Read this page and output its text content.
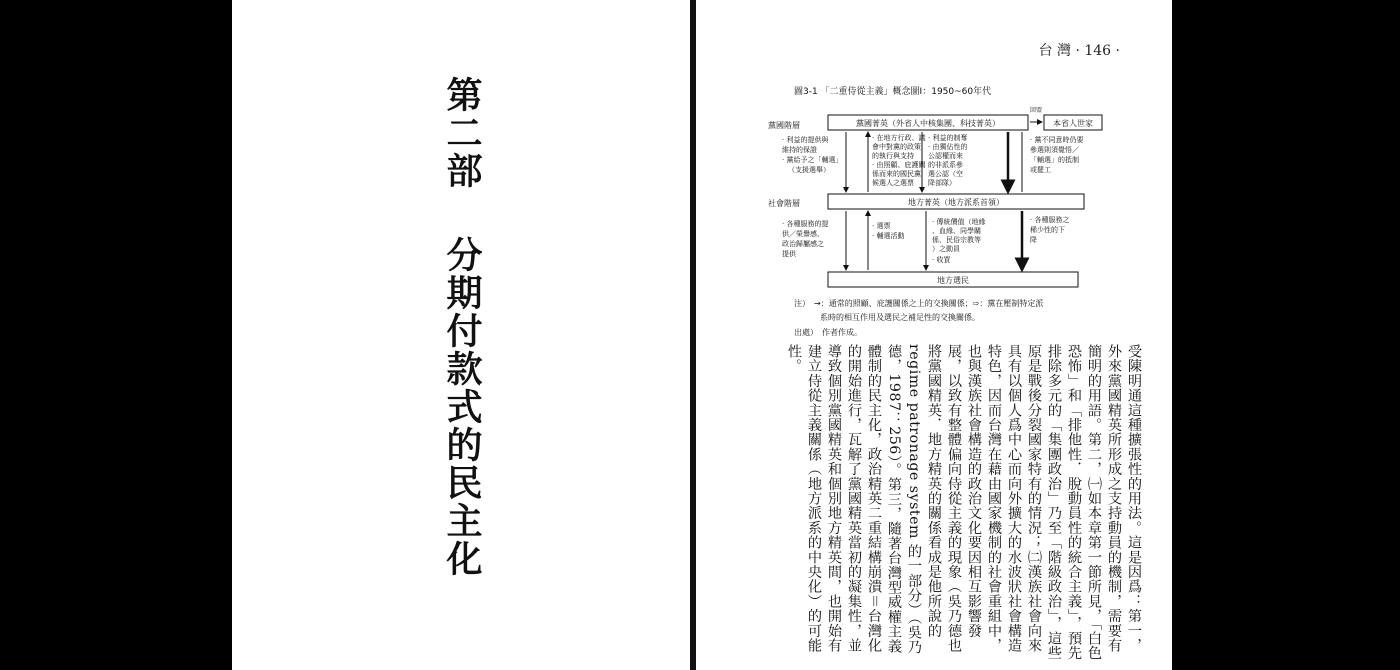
第二部
分期付款式的民主化
台 灣 · 146 ·
圖3-1 「二重侍從主義」概念圖Ⅰ：1950~60年代
黨國階層
社會階層
黨國菁英（外省人中核集團、科技菁英）	本省人世家
回盟
地方菁英（地方派系首領）
地方選民
· 利益的提供與 維持的保證 · 黨給予之「輔選」 （支援選舉）
· 在地方行政、議 會中對黨的政策 的執行與支持 · 由照顧、庇護關 係而來的國民黨 候選人之選票
· 利益的制奪 · 由獨佔性的 公認權而來 的非派系參 選公認（空 降部隊）
· 黨不同意時仍要 參選則須覺悟／ 「輔選」的抵制 或罷工
· 各種服務的提 供／榮譽感、 政治歸屬感之 提供
· 選票 · 輔選活動
· 傳統價值（地緣 、血緣、同學關 係、民俗宗教等 ）之動員 · 收買
· 各種服務之 稀少性的下 降
注）　→：通常的照顧、庇護關係之上的交換關係；⇨：黨在壓制特定派
系時的相互作用及選民之補足性的交換關係。
出處）　作者作成。

受陳明通這種擴張性的用法。這是因爲：第一，外來黨國精英所形成之支持動員的機制，需要有簡明的用語。第二，㈠如本章第一節所見，「白色恐怖」和「排他性．脫動員性的統合主義」，預先排除多元的「集團政治」乃至「階級政治」，這些原是戰後分裂國家特有的情況；㈡漢族社會向來具有以個人爲中心而向外擴大的水波狀社會構造特色，因而台灣在藉由國家機制的社會重組中，也與漢族社會構造的政治文化要因相互影響發展，以致有整體偏向侍從主義的現象（吳乃德也將黨國精英．地方精英的關係看成是他所說的 regime patronage system 的一部分）（吳乃德，1987：256）。第三，隨著台灣型威權主義體制的民主化，政治精英二重結構崩潰＝台灣化的開始進行，瓦解了黨國精英當初的凝集性，並導致個別黨國精英和個別地方精英間，也開始有建立侍從主義關係（地方派系的中央化）的可能性。
